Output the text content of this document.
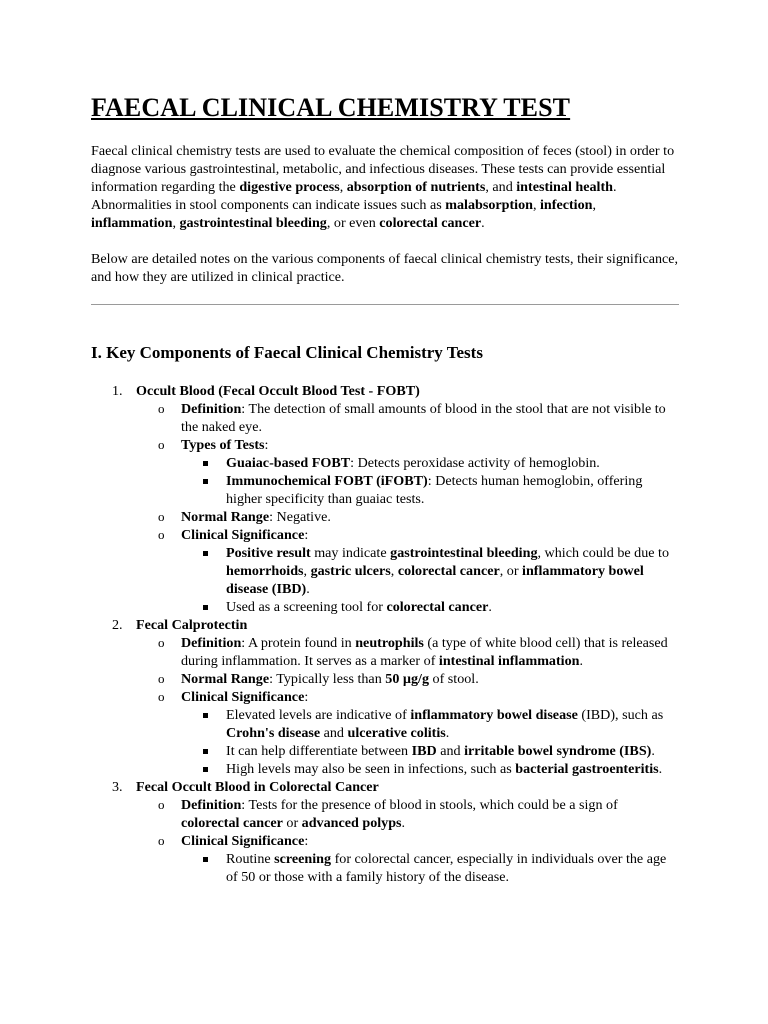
FAECAL CLINICAL CHEMISTRY TEST

Faecal clinical chemistry tests are used to evaluate the chemical composition of feces (stool) in order to diagnose various gastrointestinal, metabolic, and infectious diseases. These tests can provide essential information regarding the digestive process, absorption of nutrients, and intestinal health. Abnormalities in stool components can indicate issues such as malabsorption, infection, inflammation, gastrointestinal bleeding, or even colorectal cancer.

Below are detailed notes on the various components of faecal clinical chemistry tests, their significance, and how they are utilized in clinical practice.

I. Key Components of Faecal Clinical Chemistry Tests
1. Occult Blood (Fecal Occult Blood Test - FOBT)
o Definition: The detection of small amounts of blood in the stool that are not visible to the naked eye.
o Types of Tests:
Guaiac-based FOBT: Detects peroxidase activity of hemoglobin.
Immunochemical FOBT (iFOBT): Detects human hemoglobin, offering higher specificity than guaiac tests.
o Normal Range: Negative.
o Clinical Significance:
Positive result may indicate gastrointestinal bleeding, which could be due to hemorrhoids, gastric ulcers, colorectal cancer, or inflammatory bowel disease (IBD).
Used as a screening tool for colorectal cancer.
2. Fecal Calprotectin
o Definition: A protein found in neutrophils (a type of white blood cell) that is released during inflammation. It serves as a marker of intestinal inflammation.
o Normal Range: Typically less than 50 µg/g of stool.
o Clinical Significance:
Elevated levels are indicative of inflammatory bowel disease (IBD), such as Crohn's disease and ulcerative colitis.
It can help differentiate between IBD and irritable bowel syndrome (IBS).
High levels may also be seen in infections, such as bacterial gastroenteritis.
3. Fecal Occult Blood in Colorectal Cancer
o Definition: Tests for the presence of blood in stools, which could be a sign of colorectal cancer or advanced polyps.
o Clinical Significance:
Routine screening for colorectal cancer, especially in individuals over the age of 50 or those with a family history of the disease.
